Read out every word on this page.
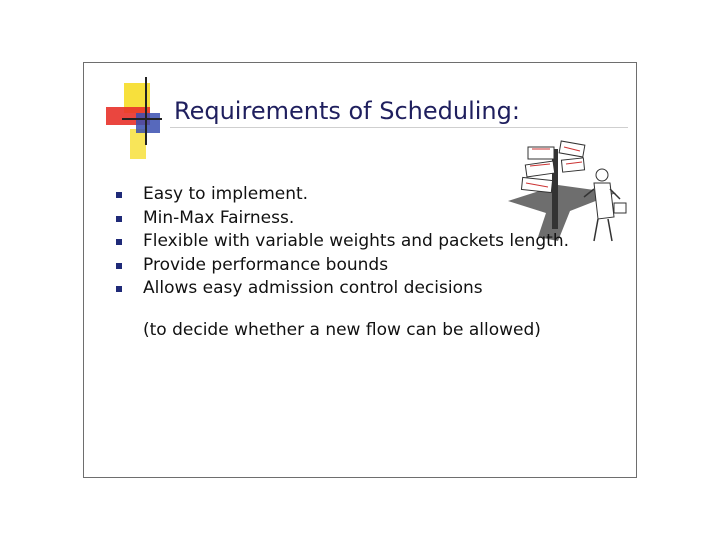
Requirements of Scheduling:
Easy to implement.
Min-Max Fairness.
Flexible with variable weights and packets length.
Provide performance bounds
Allows easy admission control decisions
(to decide whether a new flow can be allowed)
